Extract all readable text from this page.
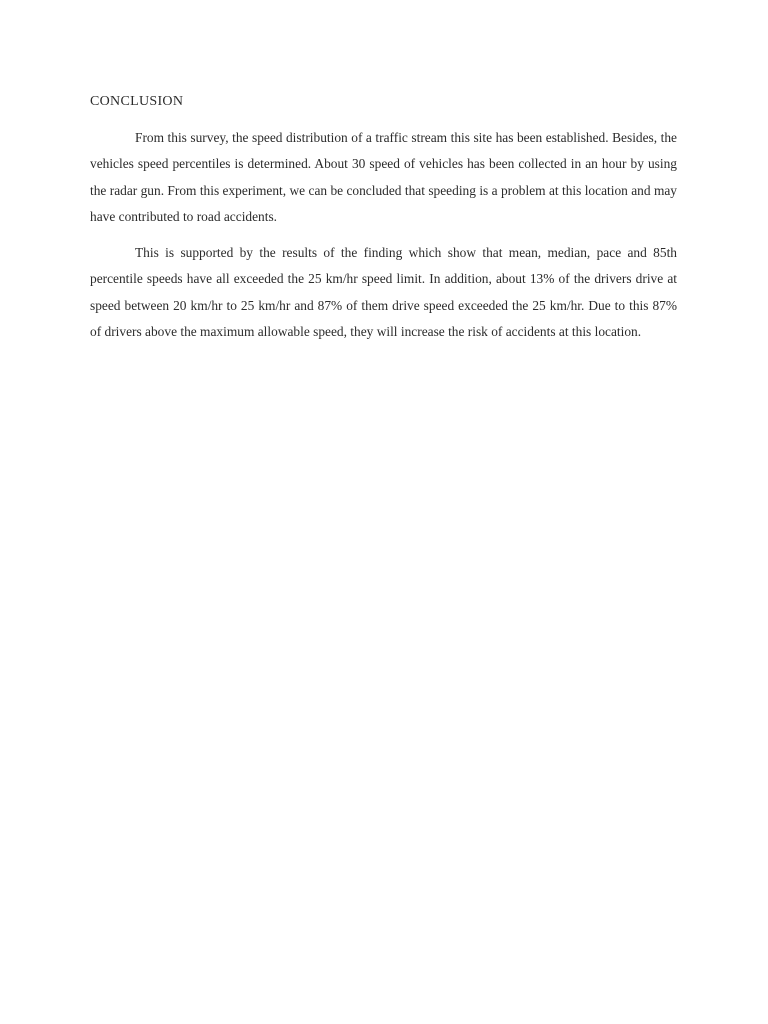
CONCLUSION

From this survey, the speed distribution of a traffic stream this site has been established. Besides, the vehicles speed percentiles is determined. About 30 speed of vehicles has been collected in an hour by using the radar gun. From this experiment, we can be concluded that speeding is a problem at this location and may have contributed to road accidents.

This is supported by the results of the finding which show that mean, median, pace and 85th percentile speeds have all exceeded the 25 km/hr speed limit. In addition, about 13% of the drivers drive at speed between 20 km/hr to 25 km/hr and 87% of them drive speed exceeded the 25 km/hr. Due to this 87% of drivers above the maximum allowable speed, they will increase the risk of accidents at this location.
